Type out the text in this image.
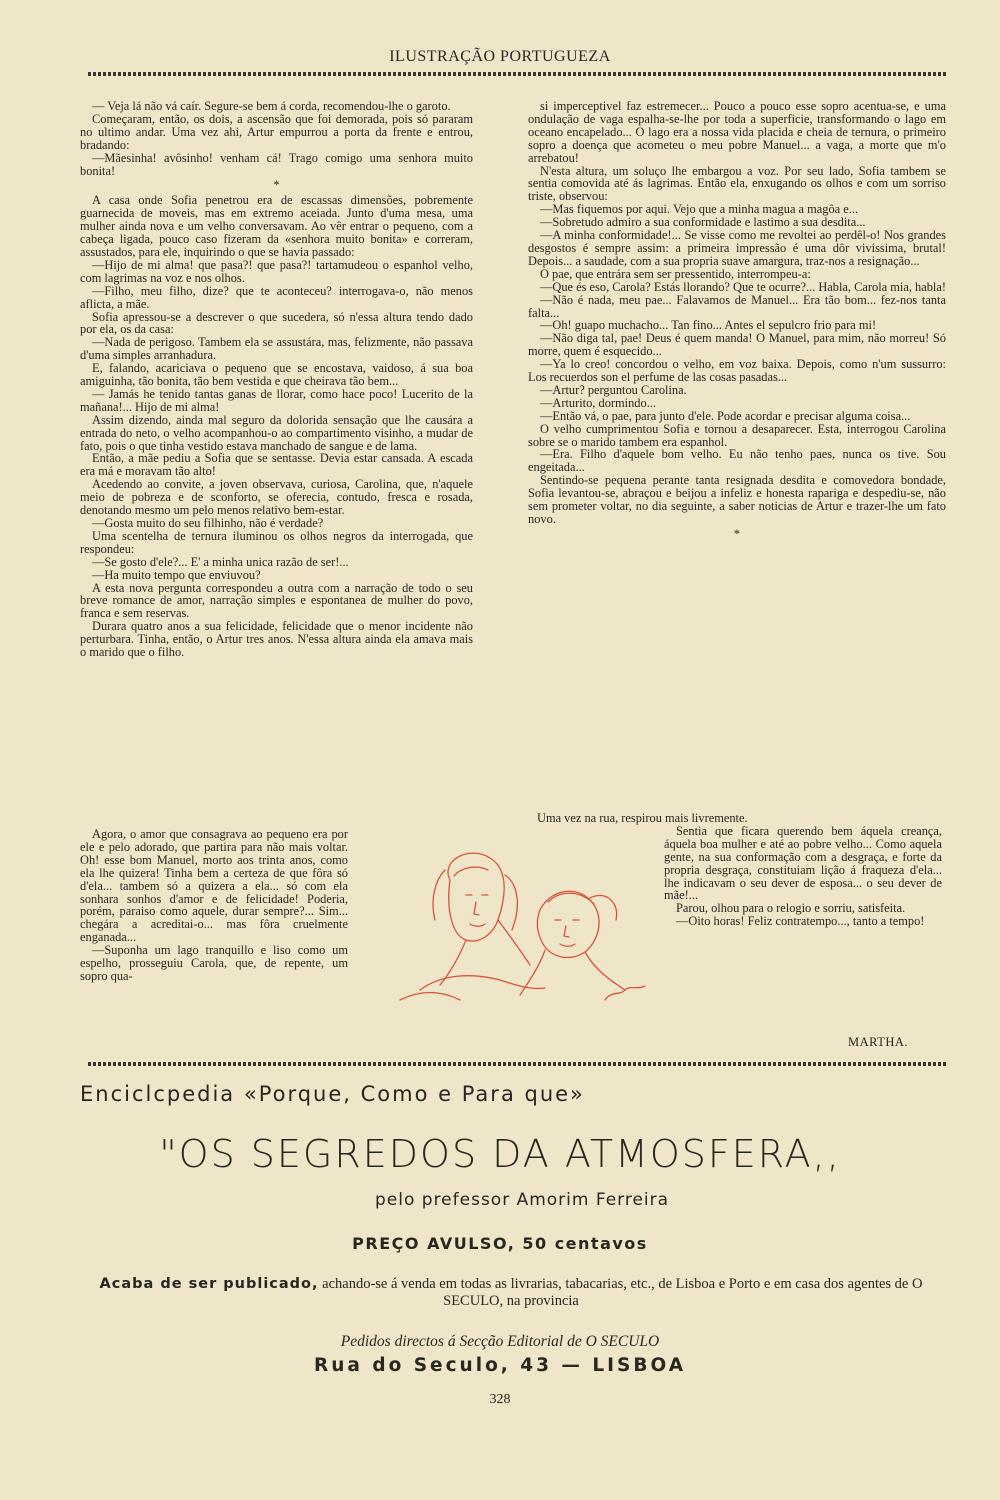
ILUSTRAÇÃO PORTUGUEZA

— Veja lá não vá caír. Segure-se bem á corda, recomendou-lhe o garoto.

Começaram, então, os dois, a ascensão que foi demorada, pois só pararam no ultimo andar. Uma vez ahi, Artur empurrou a porta da frente e entrou, bradando:

—Mãesinha! avôsinho! venham cá! Trago comigo uma senhora muito bonita!

*

A casa onde Sofia penetrou era de escassas dimensões, pobremente guarnecida de moveis, mas em extremo aceiada. Junto d'uma mesa, uma mulher ainda nova e um velho conversavam. Ao vêr entrar o pequeno, com a cabeça ligada, pouco caso fizeram da «senhora muito bonita» e correram, assustados, para ele, inquirindo o que se havia passado:

—Hijo de mi alma! que pasa?! que pasa?! tartamudeou o espanhol velho, com lagrimas na voz e nos olhos.

—Filho, meu filho, dize? que te aconteceu? interrogava-o, não menos aflicta, a mãe.

Sofia apressou-se a descrever o que sucedera, só n'essa altura tendo dado por ela, os da casa:

—Nada de perigoso. Tambem ela se assustára, mas, felizmente, não passava d'uma simples arranhadura.

E, falando, acariciava o pequeno que se encostava, vaidoso, á sua boa amiguinha, tão bonita, tão bem vestida e que cheirava tão bem...

— Jamás he tenido tantas ganas de llorar, como hace poco! Lucerito de la mañana!... Hijo de mi alma!

Assim dizendo, ainda mal seguro da dolorida sensação que lhe causára a entrada do neto, o velho acompanhou-o ao compartimento visinho, a mudar de fato, pois o que tinha vestido estava manchado de sangue e de lama.

Então, a mãe pediu a Sofia que se sentasse. Devia estar cansada. A escada era má e moravam tão alto!

Acedendo ao convite, a joven observava, curiosa, Carolina, que, n'aquele meio de pobreza e de sconforto, se oferecia, contudo, fresca e rosada, denotando mesmo um pelo menos relativo bem-estar.

—Gosta muito do seu filhinho, não é verdade?

Uma scentelha de ternura iluminou os olhos negros da interrogada, que respondeu:

—Se gosto d'ele?... E' a minha unica razão de ser!...

—Ha muito tempo que enviuvou?

A esta nova pergunta correspondeu a outra com a narração de todo o seu breve romance de amor, narração simples e espontanea de mulher do povo, franca e sem reservas.

Durara quatro anos a sua felicidade, felicidade que o menor incidente não perturbara. Tinha, então, o Artur tres anos. N'essa altura ainda ela amava mais o marido que o filho.

si imperceptivel faz estremecer... Pouco a pouco esse sopro acentua-se, e uma ondulação de vaga espalha-se-lhe por toda a superficie, transformando o lago em oceano encapelado... O lago era a nossa vida placida e cheia de ternura, o primeiro sopro a doença que acometeu o meu pobre Manuel... a vaga, a morte que m'o arrebatou!

N'esta altura, um soluço lhe embargou a voz. Por seu lado, Sofia tambem se sentia comovida até ás lagrimas. Então ela, enxugando os olhos e com um sorriso triste, observou:

—Mas fiquemos por aqui. Vejo que a minha magua a magôa e...

—Sobretudo admiro a sua conformidade e lastimo a sua desdita...

—A minha conformidade!... Se visse como me revoltei ao perdêl-o! Nos grandes desgostos é sempre assim: a primeira impressão é uma dôr vivissima, brutal! Depois... a saudade, com a sua propria suave amargura, traz-nos a resignação...

O pae, que entrára sem ser pressentido, interrompeu-a:

—Que és eso, Carola? Estás llorando? Que te ocurre?... Habla, Carola mia, habla!

—Não é nada, meu pae... Falavamos de Manuel... Era tão bom... fez-nos tanta falta...

—Oh! guapo muchacho... Tan fino... Antes el sepulcro frio para mi!

—Não diga tal, pae! Deus é quem manda! O Manuel, para mim, não morreu! Só morre, quem é esquecido...

—Ya lo creo! concordou o velho, em voz baixa. Depois, como n'um sussurro: Los recuerdos son el perfume de las cosas pasadas...

—Artur? perguntou Carolina.

—Arturito, dormindo...

—Então vá, o pae, para junto d'ele. Pode acordar e precisar alguma coisa...

O velho cumprimentou Sofia e tornou a desaparecer. Esta, interrogou Carolina sobre se o marido tambem era espanhol.

—Era. Filho d'aquele bom velho. Eu não tenho paes, nunca os tive. Sou engeitada...

Sentindo-se pequena perante tanta resignada desdita e comovedora bondade, Sofia levantou-se, abraçou e beijou a infeliz e honesta rapariga e despediu-se, não sem prometer voltar, no dia seguinte, a saber noticias de Artur e trazer-lhe um fato novo.

*

Agora, o amor que consagrava ao pequeno era por ele e pelo adorado, que partira para não mais voltar. Oh! esse bom Manuel, morto aos trinta anos, como ela lhe quizera! Tinha bem a certeza de que fôra só d'ela... tambem só a quizera a ela... só com ela sonhara sonhos d'amor e de felicidade! Poderia, porém, paraiso como aquele, durar sempre?... Sim... chegára a acreditai-o... mas fôra cruelmente enganada...

—Suponha um lago tranquillo e liso como um espelho, prosseguiu Carola, que, de repente, um sopro qua-

Uma vez na rua, respirou mais livremente.

Sentia que ficara querendo bem áquela creança, áquela boa mulher e até ao pobre velho... Como aquela gente, na sua conformação com a desgraça, e forte da propria desgraça, constituiam lição á fraqueza d'ela... lhe indicavam o seu dever de esposa... o seu dever de mãe!...

Parou, olhou para o relogio e sorriu, satisfeita.

—Oito horas! Feliz contratempo..., tanto a tempo!

MARTHA.
Enciclcpedia «Porque, Como e Para que»
"OS SEGREDOS DA ATMOSFERA,,
pelo prefessor Amorim Ferreira
PREÇO AVULSO, 50 centavos
Acaba de ser publicado, achando-se á venda em todas as livrarias, tabacarias, etc., de Lisboa e Porto e em casa dos agentes de O SECULO, na provincia
Pedidos directos á Secção Editorial de O SECULO
Rua do Seculo, 43 — LISBOA
328
